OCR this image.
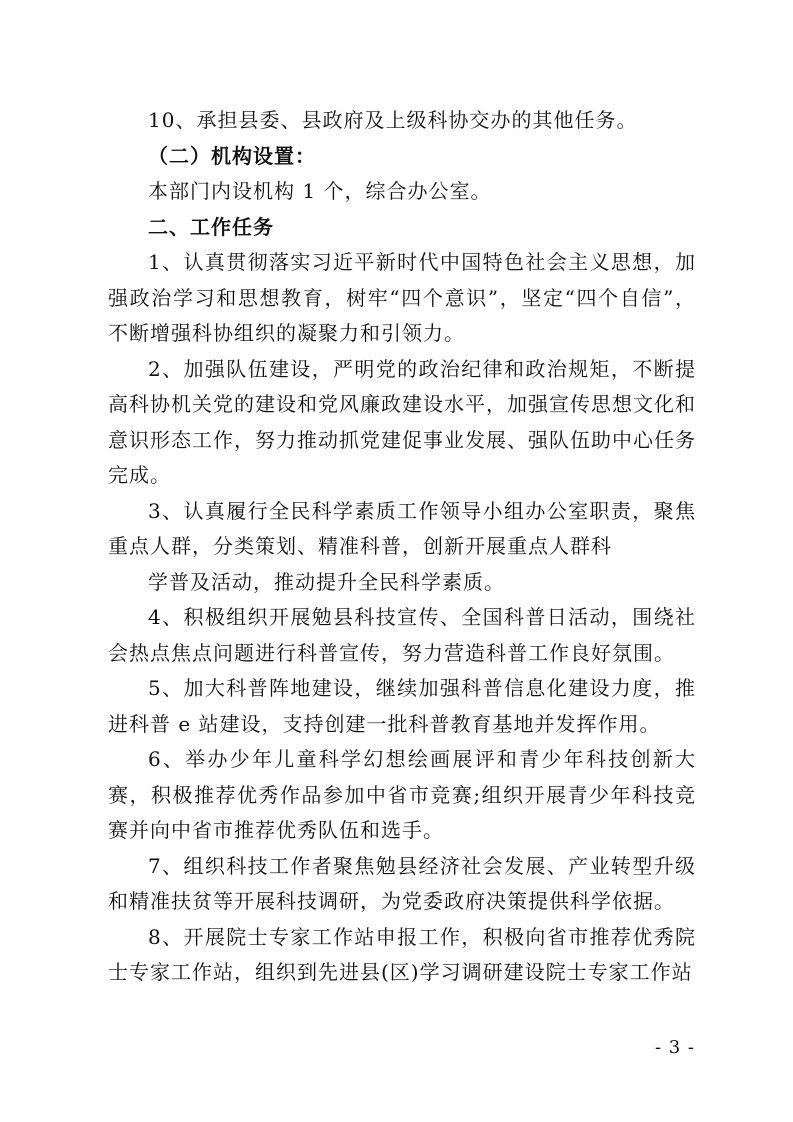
10、承担县委、县政府及上级科协交办的其他任务。

（二）机构设置：

本部门内设机构 1 个，综合办公室。

二、工作任务

1、认真贯彻落实习近平新时代中国特色社会主义思想，加强政治学习和思想教育，树牢“四个意识”，坚定“四个自信”，不断增强科协组织的凝聚力和引领力。

2、加强队伍建设，严明党的政治纪律和政治规矩，不断提高科协机关党的建设和党风廉政建设水平，加强宣传思想文化和意识形态工作，努力推动抓党建促事业发展、强队伍助中心任务完成。

3、认真履行全民科学素质工作领导小组办公室职责，聚焦重点人群，分类策划、精准科普，创新开展重点人群科

学普及活动，推动提升全民科学素质。

4、积极组织开展勉县科技宣传、全国科普日活动，围绕社会热点焦点问题进行科普宣传，努力营造科普工作良好氛围。

5、加大科普阵地建设，继续加强科普信息化建设力度，推进科普 e 站建设，支持创建一批科普教育基地并发挥作用。

6、举办少年儿童科学幻想绘画展评和青少年科技创新大赛，积极推荐优秀作品参加中省市竞赛;组织开展青少年科技竞赛并向中省市推荐优秀队伍和选手。

7、组织科技工作者聚焦勉县经济社会发展、产业转型升级和精准扶贫等开展科技调研，为党委政府决策提供科学依据。

8、开展院士专家工作站申报工作，积极向省市推荐优秀院士专家工作站，组织到先进县(区)学习调研建设院士专家工作站

- 3 -
